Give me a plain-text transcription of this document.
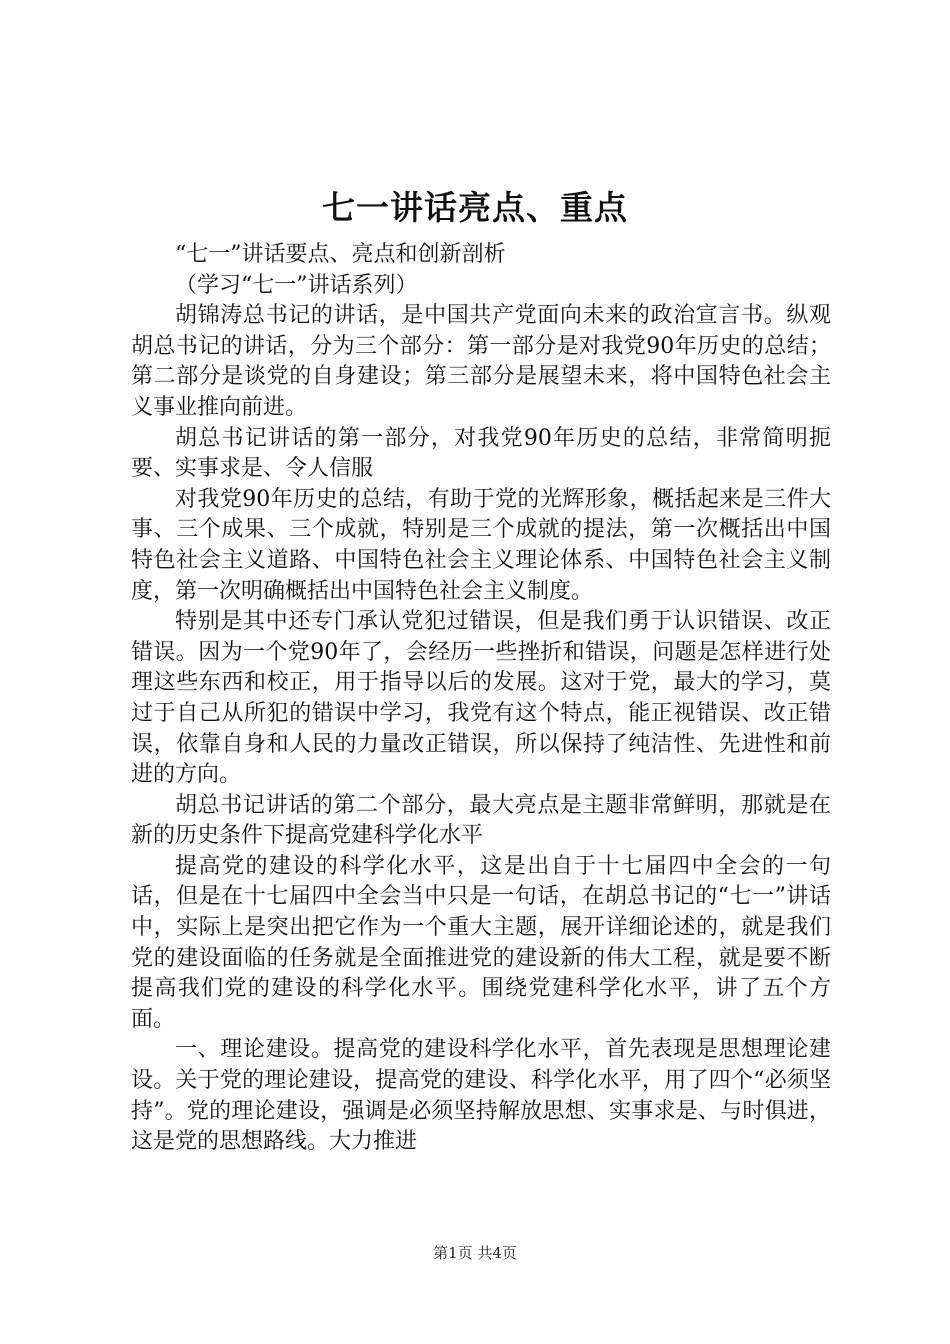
七一讲话亮点、重点

“七一”讲话要点、亮点和创新剖析

（学习“七一”讲话系列）

胡锦涛总书记的讲话，是中国共产党面向未来的政治宣言书。纵观胡总书记的讲话，分为三个部分：第一部分是对我党90年历史的总结；第二部分是谈党的自身建设；第三部分是展望未来，将中国特色社会主义事业推向前进。

胡总书记讲话的第一部分，对我党90年历史的总结，非常简明扼要、实事求是、令人信服

对我党90年历史的总结，有助于党的光辉形象，概括起来是三件大事、三个成果、三个成就，特别是三个成就的提法，第一次概括出中国特色社会主义道路、中国特色社会主义理论体系、中国特色社会主义制度，第一次明确概括出中国特色社会主义制度。

特别是其中还专门承认党犯过错误，但是我们勇于认识错误、改正错误。因为一个党90年了，会经历一些挫折和错误，问题是怎样进行处理这些东西和校正，用于指导以后的发展。这对于党，最大的学习，莫过于自己从所犯的错误中学习，我党有这个特点，能正视错误、改正错误，依靠自身和人民的力量改正错误，所以保持了纯洁性、先进性和前进的方向。

胡总书记讲话的第二个部分，最大亮点是主题非常鲜明，那就是在新的历史条件下提高党建科学化水平

提高党的建设的科学化水平，这是出自于十七届四中全会的一句话，但是在十七届四中全会当中只是一句话，在胡总书记的“七一”讲话中，实际上是突出把它作为一个重大主题，展开详细论述的，就是我们党的建设面临的任务就是全面推进党的建设新的伟大工程，就是要不断提高我们党的建设的科学化水平。围绕党建科学化水平，讲了五个方面。

一、理论建设。提高党的建设科学化水平，首先表现是思想理论建设。关于党的理论建设，提高党的建设、科学化水平，用了四个“必须坚持”。党的理论建设，强调是必须坚持解放思想、实事求是、与时俱进，这是党的思想路线。大力推进

第1页 共4页
